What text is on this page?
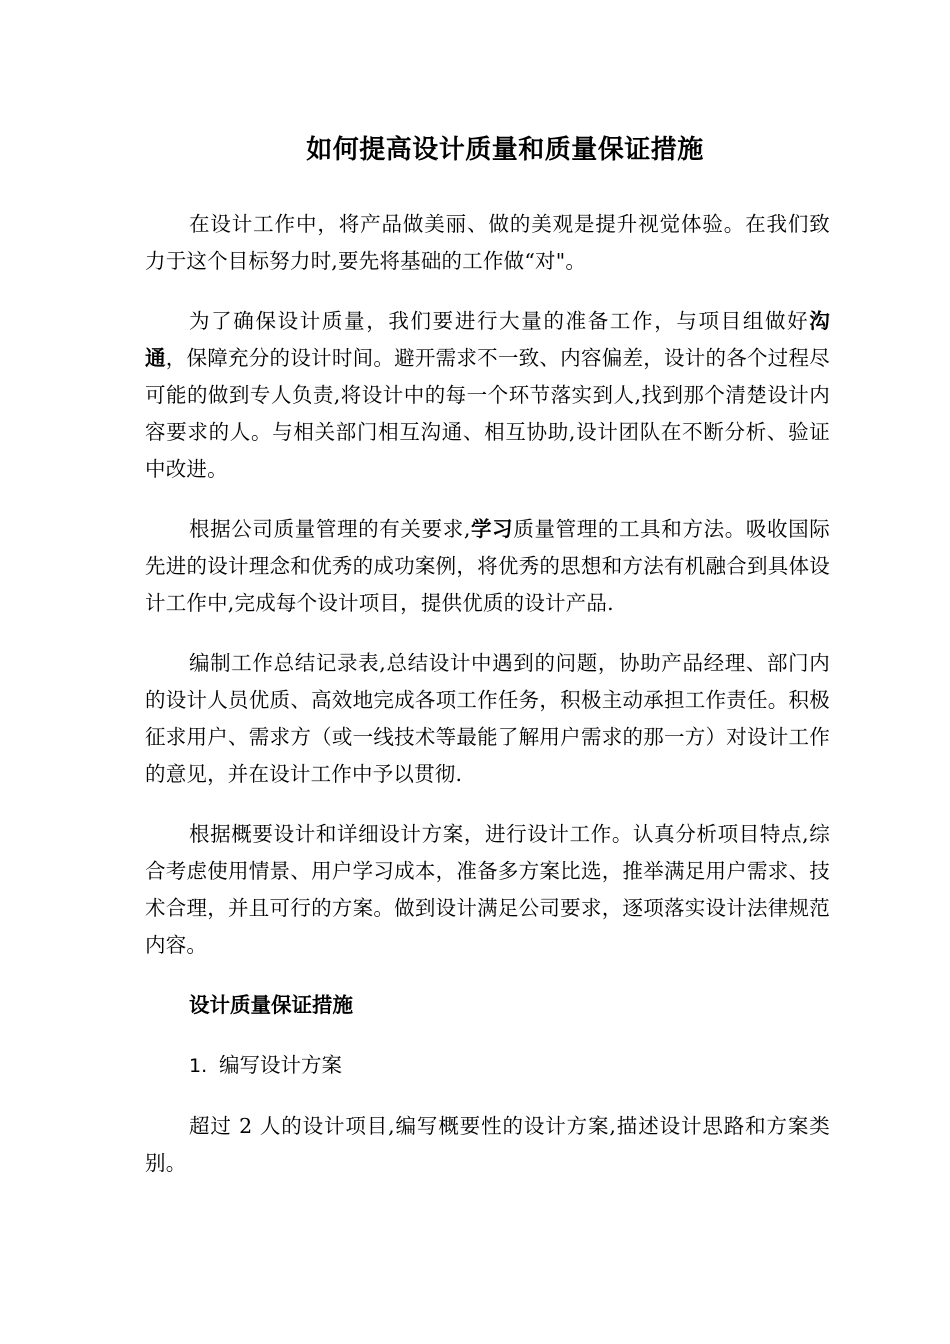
如何提高设计质量和质量保证措施

在设计工作中，将产品做美丽、做的美观是提升视觉体验。在我们致力于这个目标努力时,要先将基础的工作做“对"。

为了确保设计质量，我们要进行大量的准备工作，与项目组做好沟通，保障充分的设计时间。避开需求不一致、内容偏差，设计的各个过程尽可能的做到专人负责,将设计中的每一个环节落实到人,找到那个清楚设计内容要求的人。与相关部门相互沟通、相互协助,设计团队在不断分析、验证中改进。

根据公司质量管理的有关要求,学习质量管理的工具和方法。吸收国际先进的设计理念和优秀的成功案例，将优秀的思想和方法有机融合到具体设计工作中,完成每个设计项目，提供优质的设计产品.

编制工作总结记录表,总结设计中遇到的问题，协助产品经理、部门内的设计人员优质、高效地完成各项工作任务，积极主动承担工作责任。积极征求用户、需求方（或一线技术等最能了解用户需求的那一方）对设计工作的意见，并在设计工作中予以贯彻.

根据概要设计和详细设计方案，进行设计工作。认真分析项目特点,综合考虑使用情景、用户学习成本，准备多方案比选，推举满足用户需求、技术合理，并且可行的方案。做到设计满足公司要求，逐项落实设计法律规范内容。

设计质量保证措施

1. 编写设计方案

超过 2 人的设计项目,编写概要性的设计方案,描述设计思路和方案类别。
